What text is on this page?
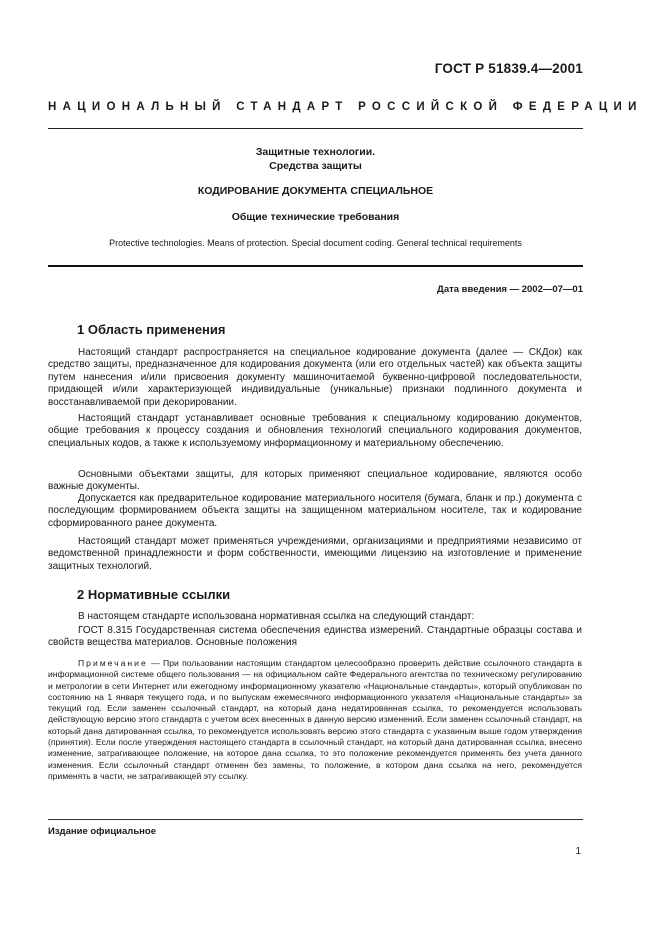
ГОСТ Р 51839.4—2001
НАЦИОНАЛЬНЫЙ СТАНДАРТ РОССИЙСКОЙ ФЕДЕРАЦИИ
Защитные технологии.
Средства защиты
КОДИРОВАНИЕ ДОКУМЕНТА СПЕЦИАЛЬНОЕ
Общие технические требования
Protective technologies. Means of protection. Special document coding. General technical requirements
Дата введения — 2002—07—01
1 Область применения

Настоящий стандарт распространяется на специальное кодирование документа (далее — СКДок) как средство защиты, предназначенное для кодирования документа (или его отдельных частей) как объекта защиты путем нанесения и/или присвоения документу машиночитаемой буквенно-цифровой последовательности, придающей и/или характеризующей индивидуальные (уникальные) признаки подлинного документа и восстанавливаемой при декорировании.

Настоящий стандарт устанавливает основные требования к специальному кодированию документов, общие требования к процессу создания и обновления технологий специального кодирования документов, специальных кодов, а также к используемому информационному и материальному обеспечению.

Основными объектами защиты, для которых применяют специальное кодирование, являются особо важные документы.

Допускается как предварительное кодирование материального носителя (бумага, бланк и пр.) документа с последующим формированием объекта защиты на защищенном материальном носителе, так и кодирование сформированного ранее документа.

Настоящий стандарт может применяться учреждениями, организациями и предприятиями независимо от ведомственной принадлежности и форм собственности, имеющими лицензию на изготовление и применение защитных технологий.

2 Нормативные ссылки

В настоящем стандарте использована нормативная ссылка на следующий стандарт:

ГОСТ 8.315 Государственная система обеспечения единства измерений. Стандартные образцы состава и свойств вещества материалов. Основные положения

Примечание — При пользовании настоящим стандартом целесообразно проверить действие ссылочного стандарта в информационной системе общего пользования — на официальном сайте Федерального агентства по техническому регулированию и метрологии в сети Интернет или ежегодному информационному указателю «Национальные стандарты», который опубликован по состоянию на 1 января текущего года, и по выпускам ежемесячного информационного указателя «Национальные стандарты» за текущий год. Если заменен ссылочный стандарт, на который дана недатированная ссылка, то рекомендуется использовать действующую версию этого стандарта с учетом всех внесенных в данную версию изменений. Если заменен ссылочный стандарт, на который дана датированная ссылка, то рекомендуется использовать версию этого стандарта с указанным выше годом утверждения (принятия). Если после утверждения настоящего стандарта в ссылочный стандарт, на который дана датированная ссылка, внесено изменение, затрагивающее положение, на которое дана ссылка, то это положение рекомендуется применять без учета данного изменения. Если ссылочный стандарт отменен без замены, то положение, в котором дана ссылка на него, рекомендуется применять в части, не затрагивающей эту ссылку.

Издание официальное
1
